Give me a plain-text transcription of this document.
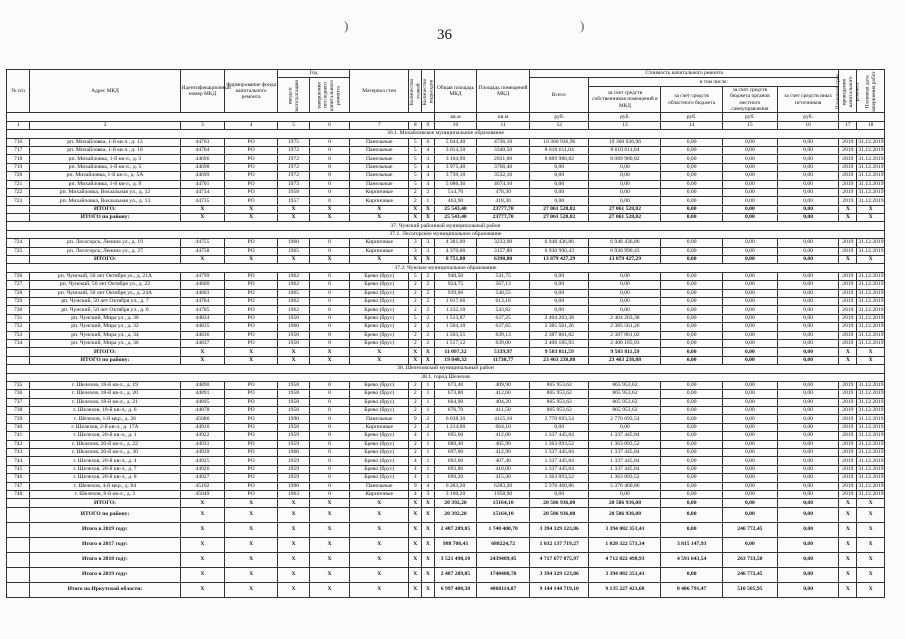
)
36
)
№ п/п	Адрес МКД	Идентификационный номер МКД	Формирование фонда капитального ремонта	Год		Материал стен	Количество этажей	Количество подъездов	Общая площадь МКД	Площадь помещений МКД	Стоимость капитального ремонта					Плановый срок проведения капитального ремонта	Плановая дата завершения работ
				ввода в эксплуатацию	завершения последнего капитального ремонта						Всего:	в том числе:					
												за счет средств собственников помещений в МКД	за счет средств областного бюджета	за счет средств бюджета органов местного самоуправления	за счет средств иных источников		
									кв.м	кв.м	руб.	руб.	руб.	руб.	руб.		
1	2	3	4	5	6	7	8	9	10	11	12	13	14	15	16	17	18
36.1. Михайловское муниципальное образование																	
716	рп. Михайловка, 1-й кв-л., д. 13	44703	РО	1975	0	Панельные	5	6	5 044,40	4736,10	10 360 936,96	10 360 936,96	0,00	0,00	0,00	2019	31.12.2019
717	рп. Михайловка, 1-й кв-л., д. 16	44704	РО	1972	0	Панельные	5	4	3 614,50	3340,50	8 610 611,04	8 610 611,04	0,00	0,00	0,00	2019	31.12.2019
718	рп. Михайловка, 1-й кв-л., д. 3	44696	РО	1972	0	Панельные	5	3	3 104,90	2831,00	8 089 980,82	8 089 980,82	0,00	0,00	0,00	2019	31.12.2019
719	рп. Михайловка, 1-й кв-л., д. 5	44698	РО	1972	0	Панельные	5	4	3 975,40	3766,40	0,00	0,00	0,00	0,00	0,00	2019	31.12.2019
720	рп. Михайловка, 1-й кв-л., д. 5А	44699	РО	1972	0	Панельные	5	4	3 739,10	3532,10	0,00	0,00	0,00	0,00	0,00	2019	31.12.2019
721	рп. Михайловка, 1-й кв-л., д. 9	44701	РО	1973	0	Панельные	5	4	5 086,30	4674,10	0,00	0,00	0,00	0,00	0,00	2019	31.12.2019
722	рп. Михайловка, Вокзальная ул., д. 12	44734	РО	1958	0	Кирпичные	2	2	514,70	478,30	0,00	0,00	0,00	0,00	0,00	2019	31.12.2019
723	рп. Михайловка, Вокзальная ул., д. 13	44735	РО	1957	0	Кирпичные	2	1	463,90	418,30	0,00	0,00	0,00	0,00	0,00	2019	31.12.2019
	ИТОГО:	X	X	X	X	X	X	X	25 543,40	23777,70	27 061 528,82	27 061 528,82	0,00	0,00	0,00	X	X
	ИТОГО по району:	X	X	X	X	X	X	X	25 543,40	23777,70	27 061 528,82	27 061 528,82	0,00	0,00	0,00	X	X
37. Чунский районный муниципальный район																	
37.1. Лесогорское муниципальное образование																	
724	рп. Лесогорск, Ленина ул., д. 19	44755	РО	1960	0	Кирпичные	3	3	4 381,00	3233,00	6 948 436,86	6 948 436,86	0,00	0,00	0,00	2019	31.12.2019
725	рп. Лесогорск, Ленина ул., д. 27	44758	РО	1965	0	Кирпичные	3	3	4 370,00	3157,80	6 930 990,43	6 930 990,43	0,00	0,00	0,00	2019	31.12.2019
	ИТОГО:	X	X	X	X	X	X	X	8 751,00	6390,80	13 879 427,29	13 879 427,29	0,00	0,00	0,00	X	X
37.2. Чунское муниципальное образование																	
726	рп. Чунский, 50 лет Октября ул., д. 21А	44799	РО	1962	0	Брево (брус)	5	2	940,50	541,75	0,00	0,00	0,00	0,00	0,00	2019	31.12.2019
727	рп. Чунский, 50 лет Октября ул., д. 22	44800	РО	1962	0	Брево (брус)	2	2	924,75	567,13	0,00	0,00	0,00	0,00	0,00	2019	31.12.2019
728	рп. Чунский, 50 лет Октября ул., д. 24А	44803	РО	1965	0	Брево (брус)	2	2	939,66	540,55	0,00	0,00	0,00	0,00	0,00	2019	31.12.2019
729	рп. Чунский, 50 лет Октября ул., д. 7	44784	РО	1962	0	Брево (брус)	2	2	1 017,66	613,18	0,00	0,00	0,00	0,00	0,00	2019	31.12.2019
730	рп. Чунский, 50 лет Октября ул., д. 8	44785	РО	1962	0	Брево (брус)	2	2	1 232,10	543,82	0,00	0,00	0,00	0,00	0,00	2019	31.12.2019
731	рп. Чунский, Мира ул., д. 30	44834	РО	1950	0	Брево (брус)	5	2	1 513,87	637,25	2 404 203,38	2 404 203,38	0,00	0,00	0,00	2019	31.12.2019
732	рп. Чунский, Мира ул., д. 32	44835	РО	1960	0	Брево (брус)	2	2	1 504,10	637,65	2 385 561,26	2 385 561,26	0,00	0,00	0,00	2019	31.12.2019
733	рп. Чунский, Мира ул., д. 34	44836	РО	1950	0	Брево (брус)	2	2	1 503,55	639,13	2 387 861,02	2 387 861,02	0,00	0,00	0,00	2019	31.12.2019
734	рп. Чунский, Мира ул., д. 36	44837	РО	1950	0	Брево (брус)	2	2	1 517,12	639,00	2 406 185,93	2 406 185,93	0,00	0,00	0,00	2019	31.12.2019
	ИТОГО:	X	X	X	X	X	X	X	11 097,32	5339,97	9 583 811,59	9 583 811,59	0,00	0,00	0,00	X	X
	ИТОГО по району:	X	X	X	X	X	X	X	19 848,32	11730,77	23 463 238,88	23 463 238,88	0,00	0,00	0,00	X	X
38. Шелеховский муниципальный район																	
38.1. город Шелехов																	
735	г. Шелехов, 18-й кв-л., д. 19	44890	РО	1958	0	Брево (брус)	2	1	673,40	409,90	865 953,62	865 953,62	0,00	0,00	0,00	2019	31.12.2019
736	г. Шелехов, 18-й кв-л., д. 20	44891	РО	1958	0	Брево (брус)	2	1	673,80	412,60	865 953,62	865 953,62	0,00	0,00	0,00	2019	31.12.2019
737	г. Шелехов, 18-й кв-л., д. 21	44895	РО	1958	0	Брево (брус)	2	1	664,90	404,20	865 953,62	865 953,62	0,00	0,00	0,00	2019	31.12.2019
738	г. Шелехов, 18-й кв-л., д. 6	44878	РО	1958	0	Брево (брус)	2	1	676,70	411,50	865 953,62	865 953,62	0,00	0,00	0,00	2019	31.12.2019
739	г. Шелехов, 1-й мкр., д. 26	45086	РО	1990	0	Панельные	9	2	6 038,30	4115,10	2 770 693,54	2 770 693,54	0,00	0,00	0,00	2019	31.12.2019
740	г. Шелехов, 2-й кв-л., д. 17А	44916	РО	1958	0	Кирпичные	2	2	1 214,00	664,10	0,00	0,00	0,00	0,00	0,00	2019	31.12.2019
741	г. Шелехов, 20-й кв-л., д. 1	44922	РО	1959	0	Брево (брус)	4	1	695,60	412,00	1 337 445,84	1 337 445,84	0,00	0,00	0,00	2019	31.12.2019
742	г. Шелехов, 20-й кв-л., д. 22	44931	РО	1959	0	Брево (брус)	2	1	689,40	405,90	1 363 093,52	1 363 093,52	0,00	0,00	0,00	2019	31.12.2019
743	г. Шелехов, 20-й кв-л., д. 30	44939	РО	1960	0	Брево (брус)	2	1	697,00	412,90	1 337 445,84	1 337 445,84	0,00	0,00	0,00	2019	31.12.2019
744	г. Шелехов, 20-й кв-л., д. 4	44925	РО	1959	0	Брево (брус)	4	1	692,60	407,40	1 337 445,84	1 337 445,84	0,00	0,00	0,00	2019	31.12.2019
745	г. Шелехов, 20-й кв-л., д. 7	44926	РО	1959	0	Брево (брус)	4	1	693,80	410,00	1 337 445,84	1 337 445,84	0,00	0,00	0,00	2019	31.12.2019
746	г. Шелехов, 20-й кв-л., д. 8	44927	РО	1959	0	Брево (брус)	4	1	699,20	415,30	1 363 093,52	1 363 093,52	0,00	0,00	0,00	2019	31.12.2019
747	г. Шелехов, 4-й мкр., д. 94	45192	РО	1990	0	Панельные	9	4	6 283,20	6283,20	5 376 460,86	5 376 460,86	0,00	0,00	0,00	2019	31.12.2019
748	г. Шелехов, 8-й кв-л., д. 3	45049	РО	1963	0	Кирпичные	4	3	3 100,20	1958,90	0,00	0,00	0,00	0,00	0,00	2019	31.12.2019
	ИТОГО:	X	X	X	X	X	X	X	20 392,20	15164,10	20 586 936,08	20 586 936,08	0,00	0,00	0,00	X	X
	ИТОГО по району:	X	X	X	X	X	X	X	20 392,20	15164,10	20 586 936,08	20 586 936,08	0,00	0,00	0,00	X	X
	Итого в 2019 году:	X	X	X	X	X	X	X	2 487 209,85	1 740 400,70	3 394 329 123,86	3 394 082 351,41	0,00	246 772,45	0,00	X	X
	Итого в 2017 году:	X	X	X	X	X	X	X	988 708,43	688224,72	1 032 137 719,27	1 028 322 571,34	3 815 147,93	0,00	0,00	X	X
	Итого в 2018 году:	X	X	X	X	X	X	X	3 521 490,10	2439489,45	4 717 677 875,97	4 712 822 498,93	4 591 643,54	263 733,50	0,00	X	X
	Итого в 2019 году:	X	X	X	X	X	X	X	2 487 209,85	1740400,70	3 394 329 123,86	3 394 082 351,41	0,00	246 772,45	0,00	X	X
	Итого по Иркутской области:	X	X	X	X	X	X	X	6 997 408,38	4868114,87	9 144 144 719,10	9 135 227 421,68	8 406 791,47	510 505,95	0,00	X	X
